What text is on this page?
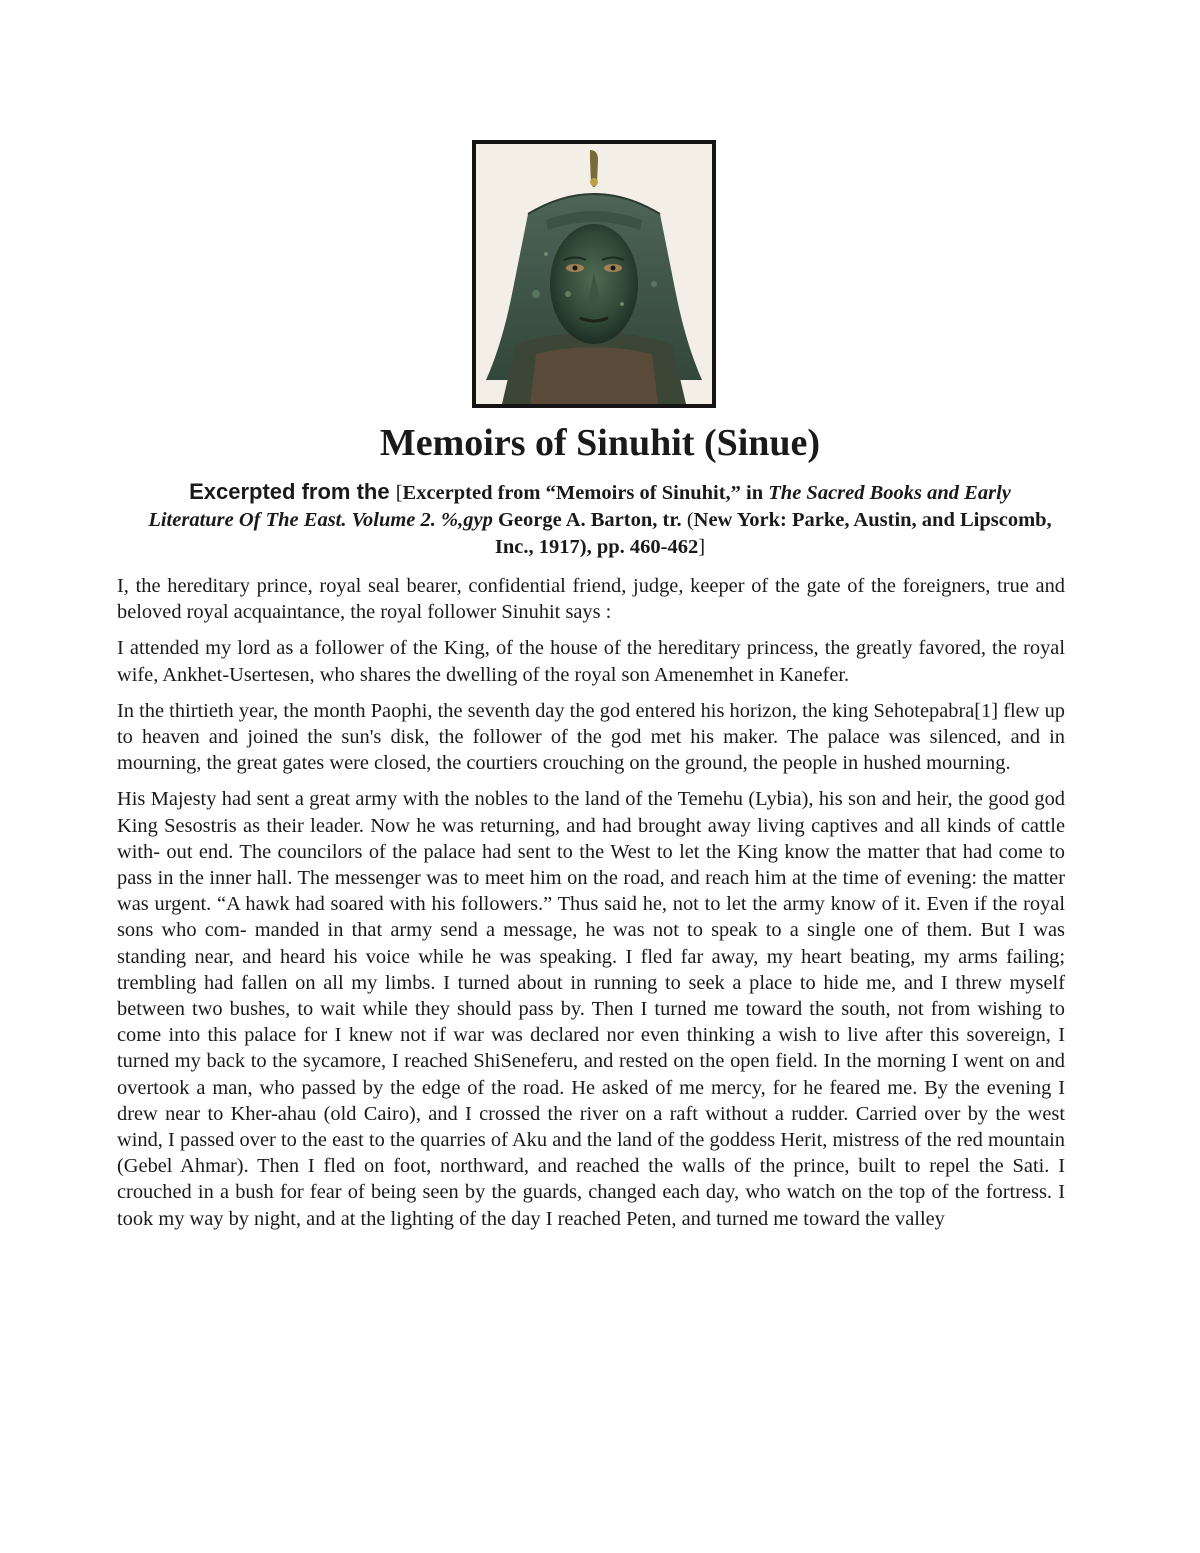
Memoirs of Sinuhit (Sinue)

Excerpted from the [Excerpted from “Memoirs of Sinuhit,” in The Sacred Books and Early Literature Of The East. Volume 2. %,gyp George A. Barton, tr. (New York: Parke, Austin, and Lipscomb, Inc., 1917), pp. 460-462]

I, the hereditary prince, royal seal bearer, confidential friend, judge, keeper of the gate of the foreigners, true and beloved royal acquaintance, the royal follower Sinuhit says :

I attended my lord as a follower of the King, of the house of the hereditary princess, the greatly favored, the royal wife, Ankhet-Usertesen, who shares the dwelling of the royal son Amenemhet in Kanefer.

In the thirtieth year, the month Paophi, the seventh day the god entered his horizon, the king Sehotepabra[1] flew up to heaven and joined the sun's disk, the follower of the god met his maker. The palace was silenced, and in mourning, the great gates were closed, the courtiers crouching on the ground, the people in hushed mourning.

His Majesty had sent a great army with the nobles to the land of the Temehu (Lybia), his son and heir, the good god King Sesostris as their leader. Now he was returning, and had brought away living captives and all kinds of cattle with- out end. The councilors of the palace had sent to the West to let the King know the matter that had come to pass in the inner hall. The messenger was to meet him on the road, and reach him at the time of evening: the matter was urgent. “A hawk had soared with his followers.” Thus said he, not to let the army know of it. Even if the royal sons who com- manded in that army send a message, he was not to speak to a single one of them. But I was standing near, and heard his voice while he was speaking. I fled far away, my heart beating, my arms failing; trembling had fallen on all my limbs. I turned about in running to seek a place to hide me, and I threw myself between two bushes, to wait while they should pass by. Then I turned me toward the south, not from wishing to come into this palace for I knew not if war was declared nor even thinking a wish to live after this sovereign, I turned my back to the sycamore, I reached ShiSeneferu, and rested on the open field. In the morning I went on and overtook a man, who passed by the edge of the road. He asked of me mercy, for he feared me. By the evening I drew near to Kher-ahau (old Cairo), and I crossed the river on a raft without a rudder. Carried over by the west wind, I passed over to the east to the quarries of Aku and the land of the goddess Herit, mistress of the red mountain (Gebel Ahmar). Then I fled on foot, northward, and reached the walls of the prince, built to repel the Sati. I crouched in a bush for fear of being seen by the guards, changed each day, who watch on the top of the fortress. I took my way by night, and at the lighting of the day I reached Peten, and turned me toward the valley
